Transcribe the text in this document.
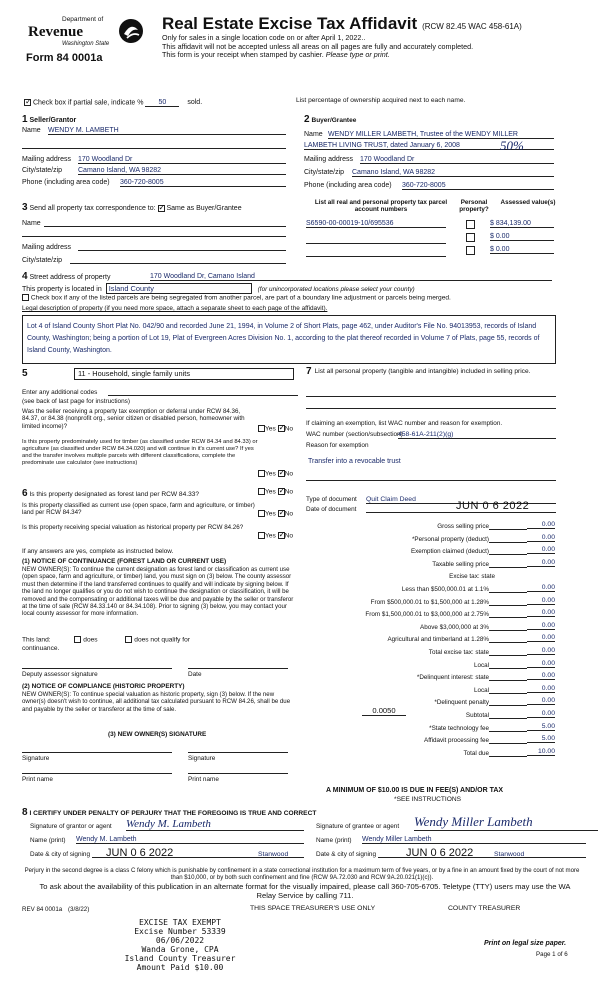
Department of
Revenue
Washington State
Form 84 0001a
Real Estate Excise Tax Affidavit (RCW 82.45 WAC 458-61A)
Only for sales in a single location code on or after April 1, 2022..
This affidavit will not be accepted unless all areas on all pages are fully and accurately completed.
This form is your receipt when stamped by cashier. Please type or print.
✓ Check box if partial sale, indicate % 50	sold.	List percentage of ownership acquired next to each name.
1 Seller/Grantor
Name WENDY M. LAMBETH
Mailing address 170 Woodland Dr
City/state/zip Camano Island, WA 98282
Phone (including area code) 360-720-8005
2 Buyer/Grantee
Name WENDY MILLER LAMBETH, Trustee of the WENDY MILLER
LAMBETH LIVING TRUST, dated January 6, 2008	50%
Mailing address 170 Woodland Dr
City/state/zip Camano Island, WA 98282
Phone (including area code) 360-720-8005
3 Send all property tax correspondence to: ✓ Same as Buyer/Grantee
Name
Mailing address
City/state/zip
List all real and personal property tax parcel account numbers
Personal property?
Assessed value(s)
S6590-00-00019-10/695536	$ 834,139.00
$ 0.00
$ 0.00
4 Street address of property	170 Woodland Dr, Camano Island
This property is located in Island County	(for unincorporated locations please select your county)
Check box if any of the listed parcels are being segregated from another parcel, are part of a boundary line adjustment or parcels being merged.
Legal description of property (if you need more space, attach a separate sheet to each page of the affidavit).
Lot 4 of Island County Short Plat No. 042/90 and recorded June 21, 1994, in Volume 2 of Short Plats, page 462, under Auditor's File No. 94013953, records of Island County, Washington; being a portion of Lot 19, Plat of Evergreen Acres Division No. 1, according to the plat thereof recorded in Volume 7 of Plats, page 55, records of Island County, Washington.
5	11 - Household, single family units
Enter any additional codes
(see back of last page for instructions)
Was the seller receiving a property tax exemption or deferral under RCW 84.36, 84.37, or 84.38 (nonprofit org., senior citizen or disabled person, homeowner with limited income)?	Yes ✓ No
Is this property predominately used for timber (as classified under RCW 84.34 and 84.33) or agriculture (as classified under RCW 84.34.020) and will continue in it's current use? If yes and the transfer involves multiple parcels with different classifications, complete the predominate use calculator (see instructions)
Yes ✓ No
6 Is this property designated as forest land per RCW 84.33?	Yes ✓ No
Is this property classified as current use (open space, farm and agriculture, or timber) land per RCW 84.34?	Yes ✓ No
Is this property receiving special valuation as historical property per RCW 84.26?
Yes ✓ No
If any answers are yes, complete as instructed below.
(1) NOTICE OF CONTINUANCE (FOREST LAND OR CURRENT USE)
NEW OWNER(S): To continue the current designation as forest land or classification as current use (open space, farm and agriculture, or timber) land, you must sign on (3) below. The county assessor must then determine if the land transferred continues to qualify and will indicate by signing below. If the land no longer qualifies or you do not wish to continue the designation or classification, it will be removed and the compensating or additional taxes will be due and payable by the seller or transferor at the time of sale (RCW 84.33.140 or 84.34.108). Prior to signing (3) below, you may contact your local county assessor for more information.
This land:	does	does not qualify for
continuance.
Deputy assessor signature	Date
(2) NOTICE OF COMPLIANCE (HISTORIC PROPERTY)
NEW OWNER(S): To continue special valuation as historic property, sign (3) below. If the new owner(s) doesn't wish to continue, all additional tax calculated pursuant to RCW 84.26, shall be due and payable by the seller or transferor at the time of sale.
(3) NEW OWNER(S) SIGNATURE
Signature	Signature
Print name	Print name
7 List all personal property (tangible and intangible) included in selling price.
If claiming an exemption, list WAC number and reason for exemption.
WAC number (section/subsection)
458-61A-211(2)(g)
Reason for exemption
Transfer into a revocable trust
Type of document Quit Claim Deed
Date of document	JUN 0 6 2022
Gross selling price	0.00
*Personal property (deduct)	0.00
Exemption claimed (deduct)	0.00
Taxable selling price	0.00
Excise tax: state
Less than $500,000.01 at 1.1%	0.00
From $500,000.01 to $1,500,000 at 1.28%	0.00
From $1,500,000.01 to $3,000,000 at 2.75%	0.00
Above $3,000,000 at 3%	0.00
Agricultural and timberland at 1.28%	0.00
Total excise tax: state	0.00
Local	0.00
*Delinquent interest: state	0.00
Local	0.00
*Delinquent penalty	0.00
Subtotal	0.00
*State technology fee	5.00
Affidavit processing fee	5.00
Total due	10.00
0.0050
A MINIMUM OF $10.00 IS DUE IN FEE(S) AND/OR TAX
*SEE INSTRUCTIONS
8 I CERTIFY UNDER PENALTY OF PERJURY THAT THE FOREGOING IS TRUE AND CORRECT
Signature of grantor or agent Wendy M. Lambeth	Signature of grantee or agent Wendy Miller Lambeth
Name (print) Wendy M. Lambeth	Name (print) Wendy Miller Lambeth
Date & city of signing JUN 0 6 2022	Stanwood	Date & city of signing	JUN 0 6 2022	Stanwood
Perjury in the second degree is a class C felony which is punishable by confinement in a state correctional institution for a maximum term of five years, or by a fine in an amount fixed by the court of not more than $10,000, or by both such confinement and fine (RCW 9A.72.030 and RCW 9A.20.021(1)(c)).
To ask about the availability of this publication in an alternate format for the visually impaired, please call 360-705-6705. Teletype (TTY) users may use the WA Relay Service by calling 711.
REV 84 0001a (3/8/22)	THIS SPACE TREASURER'S USE ONLY	COUNTY TREASURER
EXCISE TAX EXEMPT
Excise Number 53339
06/06/2022
Wanda Grone, CPA
Island County Treasurer
Amount Paid $10.00
Print on legal size paper.
Page 1 of 6
